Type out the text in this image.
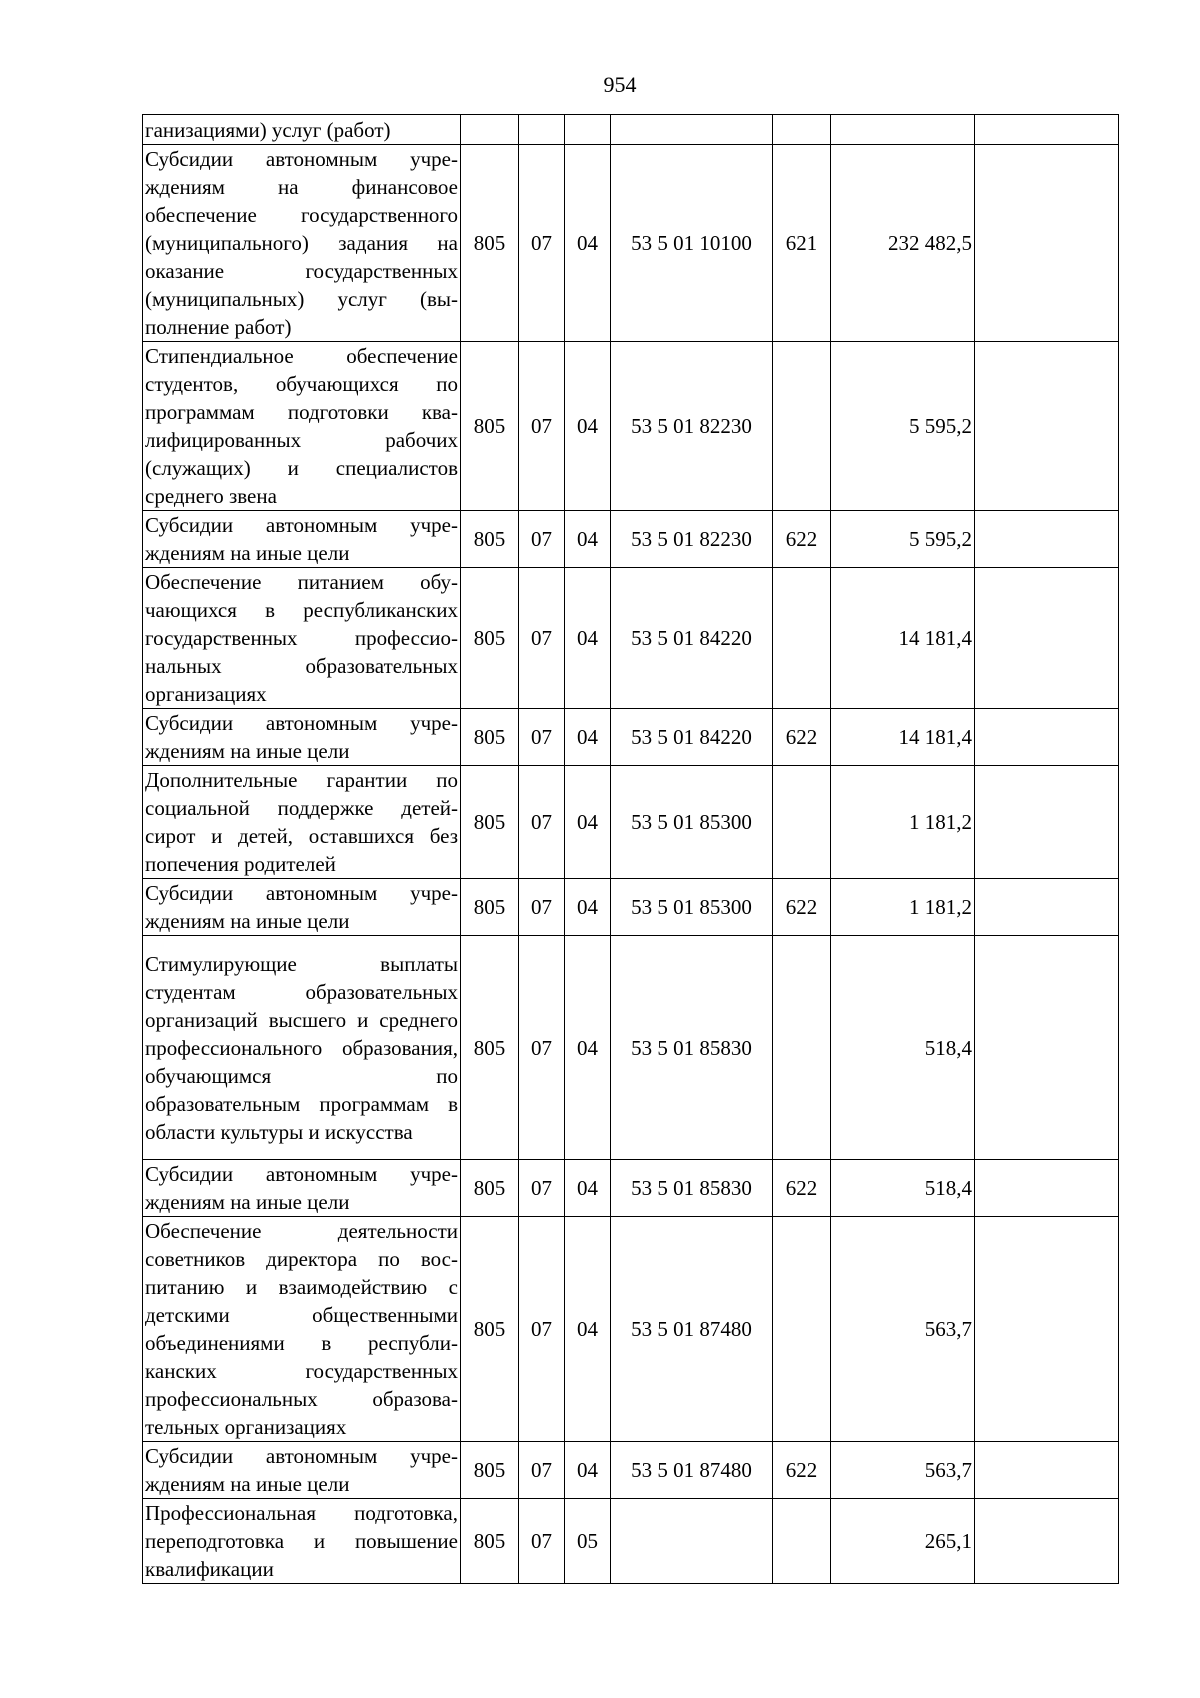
954
ганизациями) услуг (работ)							
Субсидии автономным учреждениям на финансовое обеспечение государственного (муниципального) задания на оказание государственных (муниципальных) услуг (выполнение работ)	805	07	04	53 5 01 10100	621	232 482,5	
Стипендиальное обеспечение студентов, обучающихся по программам подготовки квалифицированных рабочих (служащих) и специалистов среднего звена	805	07	04	53 5 01 82230		5 595,2	
Субсидии автономным учреждениям на иные цели	805	07	04	53 5 01 82230	622	5 595,2	
Обеспечение питанием обучающихся в республиканских государственных профессиональных образовательных организациях	805	07	04	53 5 01 84220		14 181,4	
Субсидии автономным учреждениям на иные цели	805	07	04	53 5 01 84220	622	14 181,4	
Дополнительные гарантии по социальной поддержке детей-сирот и детей, оставшихся без попечения родителей	805	07	04	53 5 01 85300		1 181,2	
Субсидии автономным учреждениям на иные цели	805	07	04	53 5 01 85300	622	1 181,2	
Стимулирующие выплаты студентам образовательных организаций высшего и среднего профессионального образования, обучающимся по образовательным программам в области культуры и искусства	805	07	04	53 5 01 85830		518,4	
Субсидии автономным учреждениям на иные цели	805	07	04	53 5 01 85830	622	518,4	
Обеспечение деятельности советников директора по воспитанию и взаимодействию с детскими общественными объединениями в республиканских государственных профессиональных образовательных организациях	805	07	04	53 5 01 87480		563,7	
Субсидии автономным учреждениям на иные цели	805	07	04	53 5 01 87480	622	563,7	
Профессиональная подготовка, переподготовка и повышение квалификации	805	07	05			265,1	
